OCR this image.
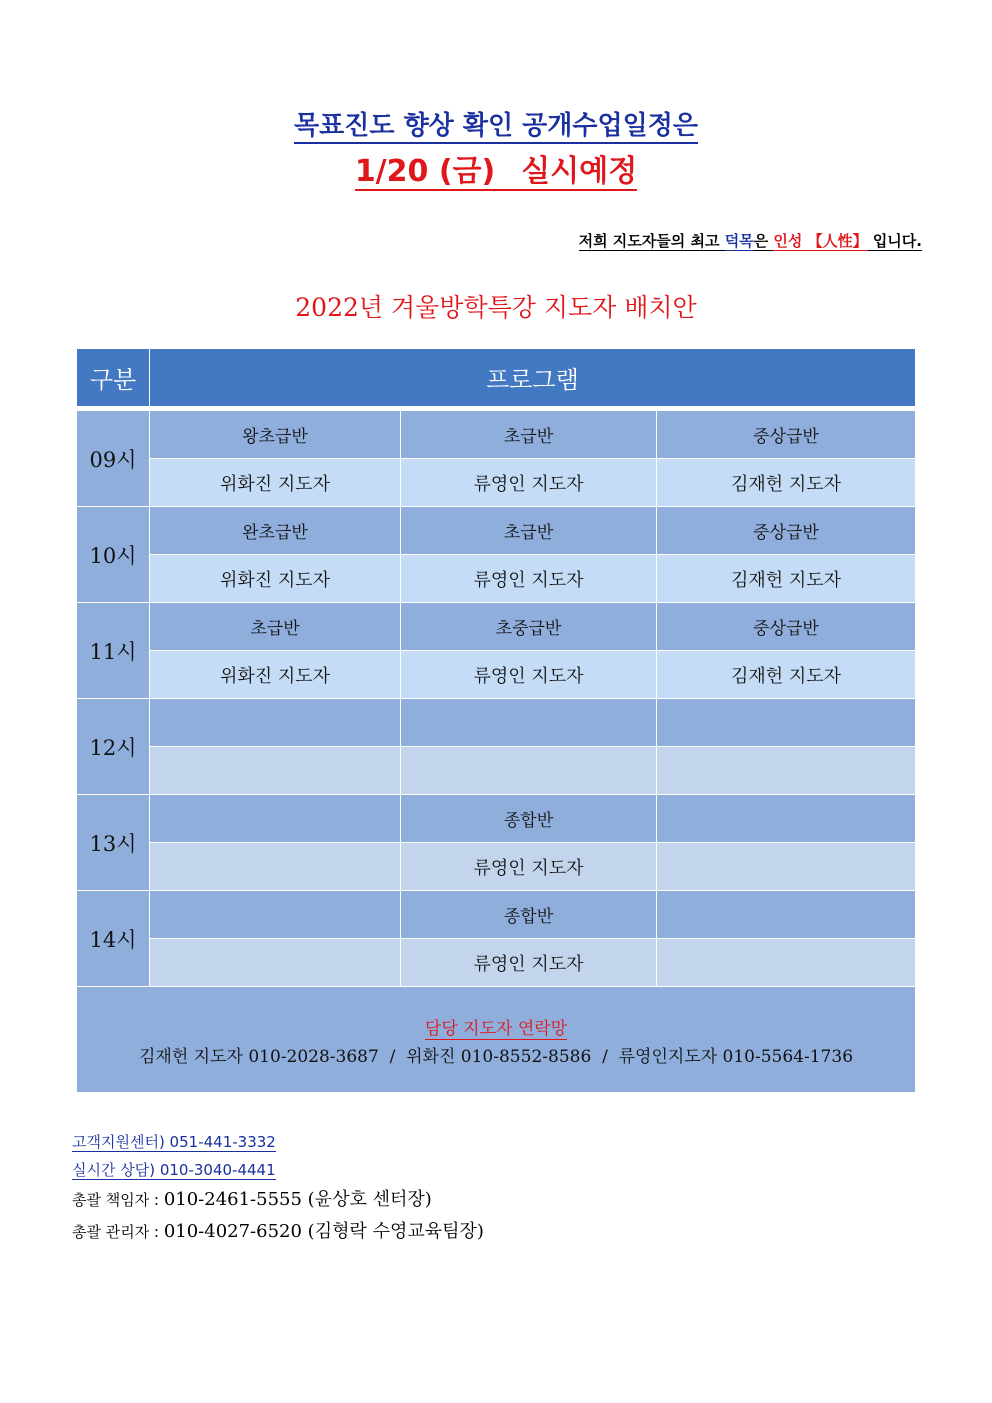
목표진도 향상 확인 공개수업일정은
1/20 (금) 실시예정
저희 지도자들의 최고 덕목은 인성 【人性】 입니다.
2022년 겨울방학특강 지도자 배치안
구분	프로그램		

09시	왕초급반	초급반	중상급반
	위화진 지도자	류영인 지도자	김재헌 지도자
10시	완초급반	초급반	중상급반
	위화진 지도자	류영인 지도자	김재헌 지도자
11시	초급반	초중급반	중상급반
	위화진 지도자	류영인 지도자	김재헌 지도자
12시			

13시		종합반	
		류영인 지도자	
14시		종합반	
		류영인 지도자	

담당 지도자 연락망
김재헌 지도자 010-2028-3687  /  위화진 010-8552-8586  /  류영인지도자 010-5564-1736			
고객지원센터) 051-441-3332
실시간 상담) 010-3040-4441
총괄 책임자 : 010-2461-5555 (윤상호 센터장)
총괄 관리자 : 010-4027-6520 (김형락 수영교육팀장)
